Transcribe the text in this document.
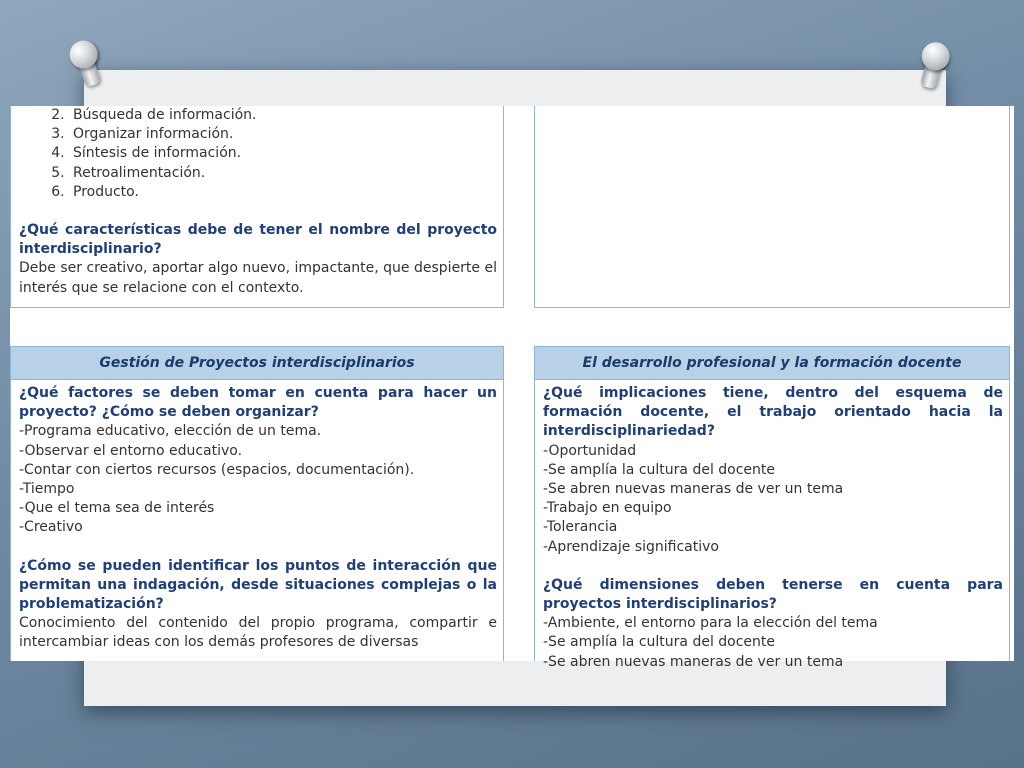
2. Búsqueda de información.
3. Organizar información.
4. Síntesis de información.
5. Retroalimentación.
6. Producto.

¿Qué características debe de tener el nombre del proyecto interdisciplinario?

Debe ser creativo, aportar algo nuevo, impactante, que despierte el interés que se relacione con el contexto.

Gestión de Proyectos interdisciplinarios

¿Qué factores se deben tomar en cuenta para hacer un proyecto? ¿Cómo se deben organizar?

-Programa educativo, elección de un tema.

-Observar el entorno educativo.

-Contar con ciertos recursos (espacios, documentación).

-Tiempo

-Que el tema sea de interés

-Creativo

¿Cómo se pueden identificar los puntos de interacción que permitan una indagación, desde situaciones complejas o la problematización?

Conocimiento del contenido del propio programa, compartir e intercambiar ideas con los demás profesores de diversas

El desarrollo profesional y la formación docente

¿Qué implicaciones tiene, dentro del esquema de formación docente, el trabajo orientado hacia la interdisciplinariedad?

-Oportunidad

-Se amplía la cultura del docente

-Se abren nuevas maneras de ver un tema

-Trabajo en equipo

-Tolerancia

-Aprendizaje significativo

¿Qué dimensiones deben tenerse en cuenta para proyectos interdisciplinarios?

-Ambiente, el entorno para la elección del tema

-Se amplía la cultura del docente

-Se abren nuevas maneras de ver un tema
